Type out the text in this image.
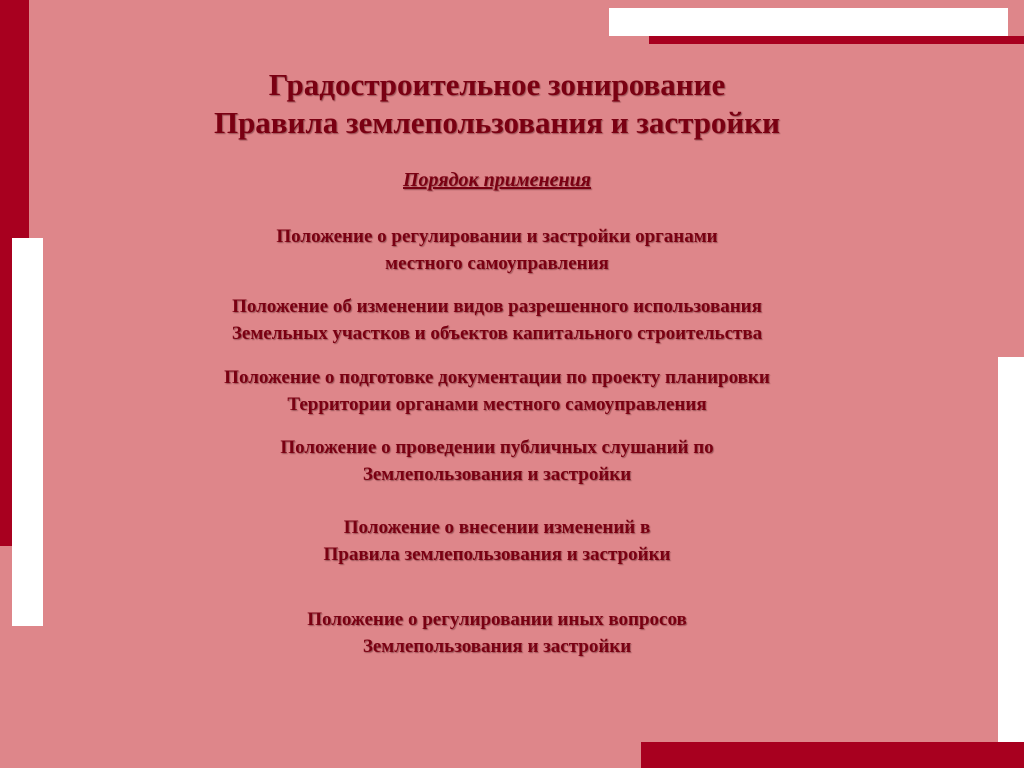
Градостроительное зонирование
Правила землепользования и застройки

Порядок применения

Положение о регулировании и застройки органами
местного самоуправления
Положение об изменении видов разрешенного использования
Земельных участков и объектов капитального строительства
Положение о подготовке документации по проекту планировки
Территории органами местного самоуправления
Положение о проведении публичных слушаний по
Землепользования и застройки
Положение о внесении изменений в
Правила землепользования и застройки
Положение о регулировании иных вопросов
Землепользования и застройки
